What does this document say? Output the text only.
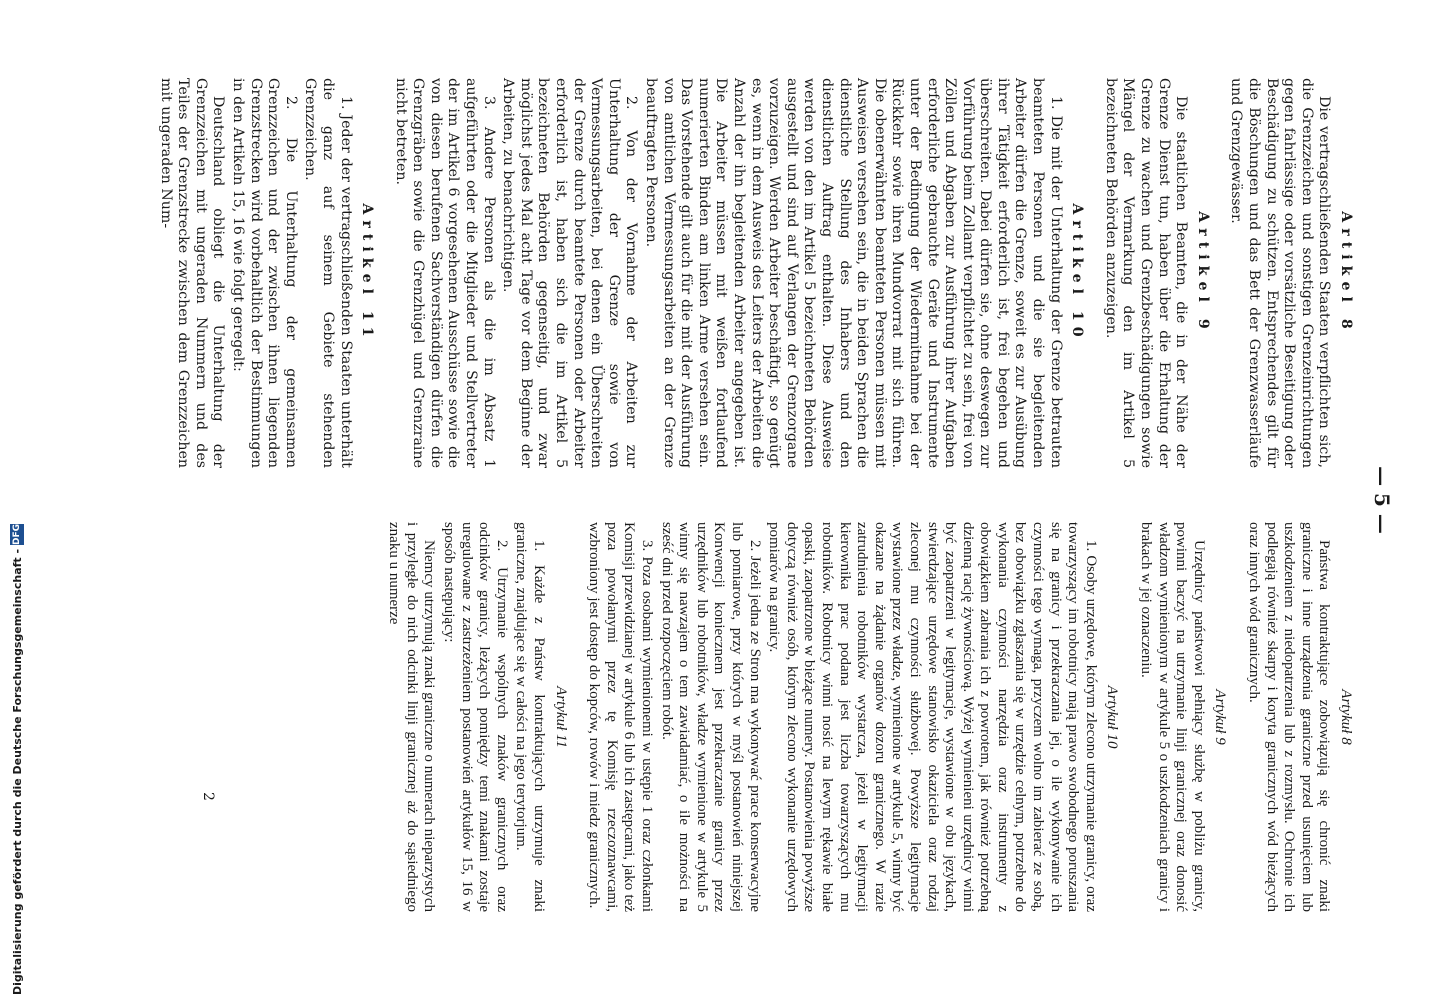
— 5 —
Artikel 8

Die vertragschließenden Staaten verpflichten sich, die Grenzzeichen und sonstigen Grenzeinrichtungen gegen fahrlässige oder vorsätzliche Beseitigung oder Beschädigung zu schützen. Entsprechendes gilt für die Böschungen und das Bett der Grenzwasserläufe und Grenzgewässer.

Artikel 9

Die staatlichen Beamten, die in der Nähe der Grenze Dienst tun, haben über die Erhaltung der Grenze zu wachen und Grenzbeschädigungen sowie Mängel der Vermarkung den im Artikel 5 bezeichneten Behörden anzuzeigen.

Artikel 10

1. Die mit der Unterhaltung der Grenze betrauten beamteten Personen und die sie begleitenden Arbeiter dürfen die Grenze, soweit es zur Ausübung ihrer Tätigkeit erforderlich ist, frei begehen und überschreiten. Dabei dürfen sie, ohne deswegen zur Vorführung beim Zollamt verpflichtet zu sein, frei von Zöllen und Abgaben zur Ausführung ihrer Aufgaben erforderliche gebrauchte Geräte und Instrumente unter der Bedingung der Wiedermitnahme bei der Rückkehr sowie ihren Mundvorrat mit sich führen. Die obenerwähnten beamteten Personen müssen mit Ausweisen versehen sein, die in beiden Sprachen die dienstliche Stellung des Inhabers und den dienstlichen Auftrag enthalten. Diese Ausweise werden von den im Artikel 5 bezeichneten Behörden ausgestellt und sind auf Verlangen der Grenzorgane vorzuzeigen. Werden Arbeiter beschäftigt, so genügt es, wenn in dem Ausweis des Leiters der Arbeiten die Anzahl der ihn begleitenden Arbeiter angegeben ist. Die Arbeiter müssen mit weißen fortlaufend numerierten Binden am linken Arme versehen sein. Das Vorstehende gilt auch für die mit der Ausführung von amtlichen Vermessungsarbeiten an der Grenze beauftragten Personen.

2. Von der Vornahme der Arbeiten zur Unterhaltung der Grenze sowie von Vermessungsarbeiten, bei denen ein Überschreiten der Grenze durch beamtete Personen oder Arbeiter erforderlich ist, haben sich die im Artikel 5 bezeichneten Behörden gegenseitig, und zwar möglichst jedes Mal acht Tage vor dem Beginne der Arbeiten, zu benachrichtigen.

3. Andere Personen als die im Absatz 1 aufgeführten oder die Mitglieder und Stellvertreter der im Artikel 6 vorgesehenen Ausschüsse sowie die von diesen berufenen Sachverständigen dürfen die Grenzgräben sowie die Grenzhügel und Grenzraine nicht betreten.

Artikel 11

1. Jeder der vertragschließenden Staaten unterhält die ganz auf seinem Gebiete stehenden Grenzzeichen.

2. Die Unterhaltung der gemeinsamen Grenzzeichen und der zwischen ihnen liegenden Grenzstrecken wird vorbehaltlich der Bestimmungen in den Artikeln 15, 16 wie folgt geregelt:

Deutschland obliegt die Unterhaltung der Grenzzeichen mit ungeraden Nummern und des Teiles der Grenzstrecke zwischen dem Grenzzeichen mit ungeraden Num-

Artykuł 8

Państwa kontraktujące zobowiązują się chronić znaki graniczne i inne urządzenia graniczne przed usunięciem lub uszkodzeniem z niedopatrzenia lub z rozmysłu. Ochronie ich podlegają również skarpy i koryta granicznych wód bieżących oraz innych wód granicznych.

Artykuł 9

Urzędnicy państwowi pełniący służbę w pobliżu granicy, powinni baczyć na utrzymanie linji granicznej oraz donosić władzom wymienionym w artykule 5 o uszkodzeniach granicy i brakach w jej oznaczeniu.

Artykuł 10

1. Osoby urzędowe, którym zlecono utrzymanie granicy, oraz towarzyszący im robotnicy mają prawo swobodnego poruszania się na granicy i przekraczania jej, o ile wykonywanie ich czynności tego wymaga, przyczem wolno im zabierać ze sobą, bez obowiązku zgłaszania się w urzędzie celnym, potrzebne do wykonania czynności narzędzia oraz instrumenty z obowiązkiem zabrania ich z powrotem, jak również potrzebną dzienną rację żywnościową. Wyżej wymienieni urzędnicy winni być zaopatrzeni w legitymacje, wystawione w obu językach, stwierdzające urzędowe stanowisko okaziciela oraz rodzaj zleconej mu czynności służbowej. Powyższe legitymacje wystawione przez władze, wymienione w artykule 5, winny być okazane na żądanie organów dozoru granicznego. W razie zatrudnienia robotników wystarcza, jeżeli w legitymacji kierownika prac podana jest liczba towarzyszących mu robotników. Robotnicy winni nosić na lewym rękawie białe opaski, zaopatrzone w bieżące numery. Postanowienia powyższe dotyczą również osób, którym zlecono wykonanie urzędowych pomiarów na granicy.

2. Jeżeli jedna ze Stron ma wykonywać prace konserwacyjne lub pomiarowe, przy których w myśl postanowień niniejszej Konwencji koniecznem jest przekraczanie granicy przez urzędników lub robotników, władze wymienione w artykule 5 winny się nawzajem o tem zawiadamiać, o ile możności na sześć dni przed rozpoczęciem robót.

3. Poza osobami wymienionemi w ustępie 1 oraz członkami Komisji przewidzianej w artykule 6 lub ich zastępcami, jako też poza powołanymi przez tę Komisję rzeczoznawcami, wzbroniony jest dostęp do kopców, rowów i miedz granicznych.

Artykuł 11

1. Każde z Państw kontraktujących utrzymuje znaki graniczne, znajdujące się w całości na jego terytorjum.

2. Utrzymanie wspólnych znaków granicznych oraz odcinków granicy, leżących pomiędzy temi znakami zostaje uregulowane z zastrzeżeniem postanowień artykułów 15, 16 w sposób następujący:

Niemcy utrzymują znaki graniczne o numerach nieparzystych i przyległe do nich odcinki linji granicznej aż do sąsiedniego znaku u numerze

2
Digitalisierung gefördert durch die Deutsche Forschungsgemeinschaft -
DFG
